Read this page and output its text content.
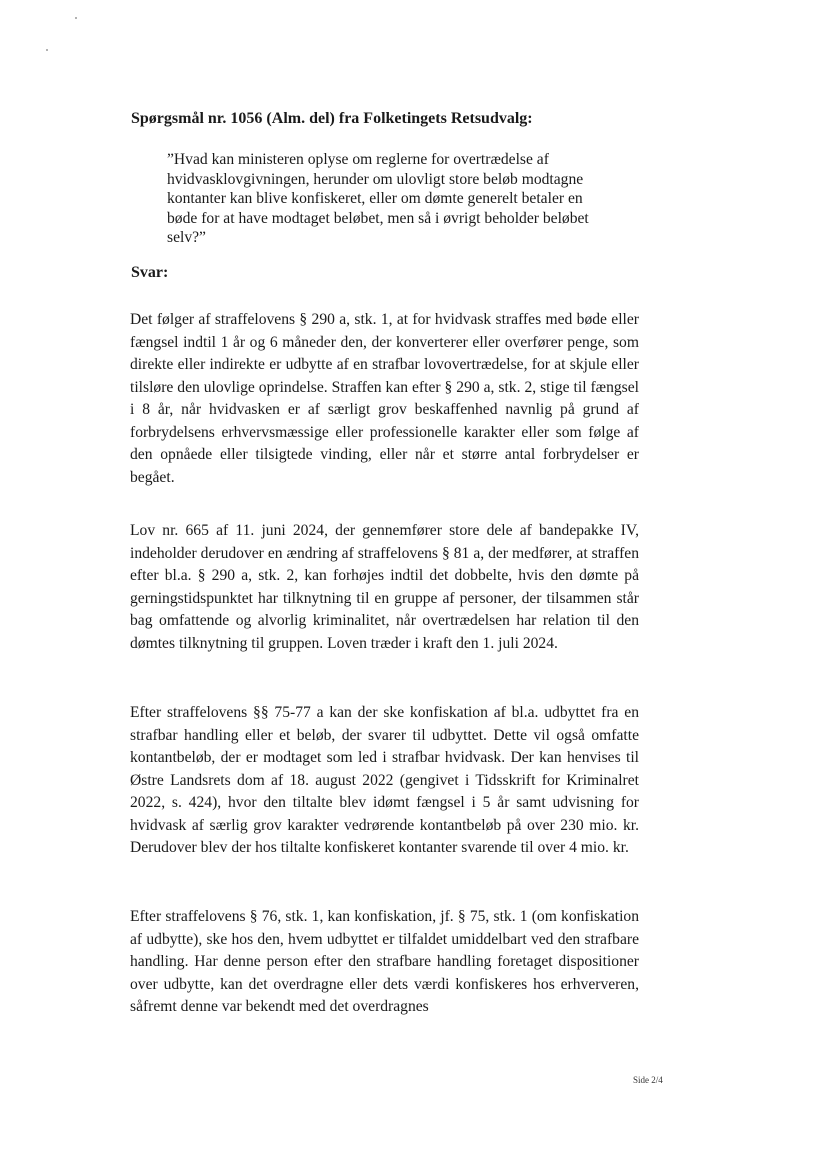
Spørgsmål nr. 1056 (Alm. del) fra Folketingets Retsudvalg:

”Hvad kan ministeren oplyse om reglerne for overtrædelse af hvidvasklovgivningen, herunder om ulovligt store beløb modtagne kontanter kan blive konfiskeret, eller om dømte generelt betaler en bøde for at have modtaget beløbet, men så i øvrigt beholder beløbet selv?”

Svar:

Det følger af straffelovens § 290 a, stk. 1, at for hvidvask straffes med bøde eller fængsel indtil 1 år og 6 måneder den, der konverterer eller overfører penge, som direkte eller indirekte er udbytte af en strafbar lovovertrædelse, for at skjule eller tilsløre den ulovlige oprindelse. Straffen kan efter § 290 a, stk. 2, stige til fængsel i 8 år, når hvidvasken er af særligt grov beskaffenhed navnlig på grund af forbrydelsens erhvervsmæssige eller professionelle karakter eller som følge af den opnåede eller tilsigtede vinding, eller når et større antal forbrydelser er begået.

Lov nr. 665 af 11. juni 2024, der gennemfører store dele af bandepakke IV, indeholder derudover en ændring af straffelovens § 81 a, der medfører, at straffen efter bl.a. § 290 a, stk. 2, kan forhøjes indtil det dobbelte, hvis den dømte på gerningstidspunktet har tilknytning til en gruppe af personer, der tilsammen står bag omfattende og alvorlig kriminalitet, når overtrædelsen har relation til den dømtes tilknytning til gruppen. Loven træder i kraft den 1. juli 2024.

Efter straffelovens §§ 75-77 a kan der ske konfiskation af bl.a. udbyttet fra en strafbar handling eller et beløb, der svarer til udbyttet. Dette vil også omfatte kontantbeløb, der er modtaget som led i strafbar hvidvask. Der kan henvises til Østre Landsrets dom af 18. august 2022 (gengivet i Tidsskrift for Kriminalret 2022, s. 424), hvor den tiltalte blev idømt fængsel i 5 år samt udvisning for hvidvask af særlig grov karakter vedrørende kontantbeløb på over 230 mio. kr. Derudover blev der hos tiltalte konfiskeret kontanter svarende til over 4 mio. kr.

Efter straffelovens § 76, stk. 1, kan konfiskation, jf. § 75, stk. 1 (om konfiskation af udbytte), ske hos den, hvem udbyttet er tilfaldet umiddelbart ved den strafbare handling. Har denne person efter den strafbare handling foretaget dispositioner over udbytte, kan det overdragne eller dets værdi konfiskeres hos erhververen, såfremt denne var bekendt med det overdragnes

Side 2/4
